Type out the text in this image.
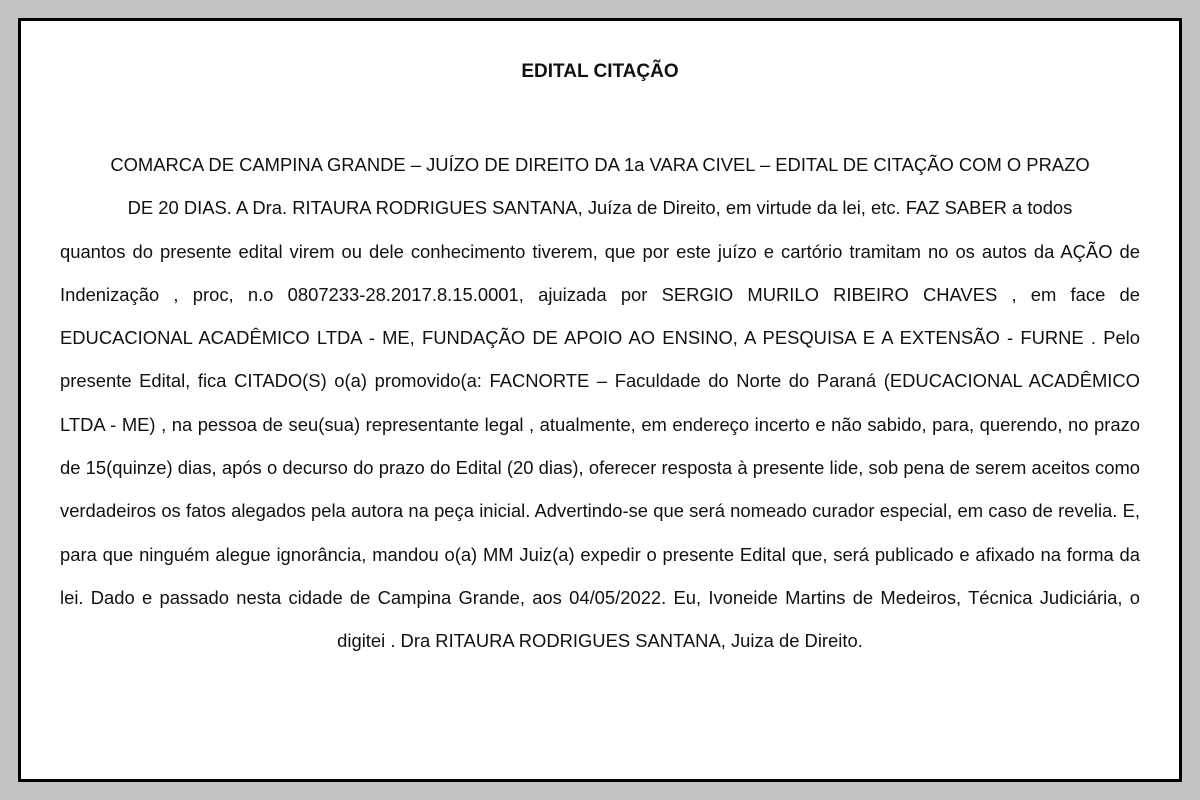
EDITAL CITAÇÃO

COMARCA DE CAMPINA GRANDE – JUÍZO DE DIREITO DA 1a VARA CIVEL – EDITAL DE CITAÇÃO COM O PRAZO
DE 20 DIAS. A Dra. RITAURA RODRIGUES SANTANA, Juíza de Direito, em virtude da lei, etc. FAZ SABER a todos
quantos do presente edital virem ou dele conhecimento tiverem, que por este juízo e cartório tramitam no os autos da AÇÃO de Indenização , proc, n.o 0807233-28.2017.8.15.0001, ajuizada por SERGIO MURILO RIBEIRO CHAVES , em face de EDUCACIONAL ACADÊMICO LTDA - ME, FUNDAÇÃO DE APOIO AO ENSINO, A PESQUISA E A EXTENSÃO - FURNE . Pelo presente Edital, fica CITADO(S) o(a) promovido(a: FACNORTE – Faculdade do Norte do Paraná (EDUCACIONAL ACADÊMICO LTDA - ME) , na pessoa de seu(sua) representante legal , atualmente, em endereço incerto e não sabido, para, querendo, no prazo de 15(quinze) dias, após o decurso do prazo do Edital (20 dias), oferecer resposta à presente lide, sob pena de serem aceitos como verdadeiros os fatos alegados pela autora na peça inicial. Advertindo-se que será nomeado curador especial, em caso de revelia. E, para que ninguém alegue ignorância, mandou o(a) MM Juiz(a) expedir o presente Edital que, será publicado e afixado na forma da lei. Dado e passado nesta cidade de Campina Grande, aos 04/05/2022. Eu, Ivoneide Martins de Medeiros, Técnica Judiciária, o digitei . Dra RITAURA RODRIGUES SANTANA, Juiza de Direito.
